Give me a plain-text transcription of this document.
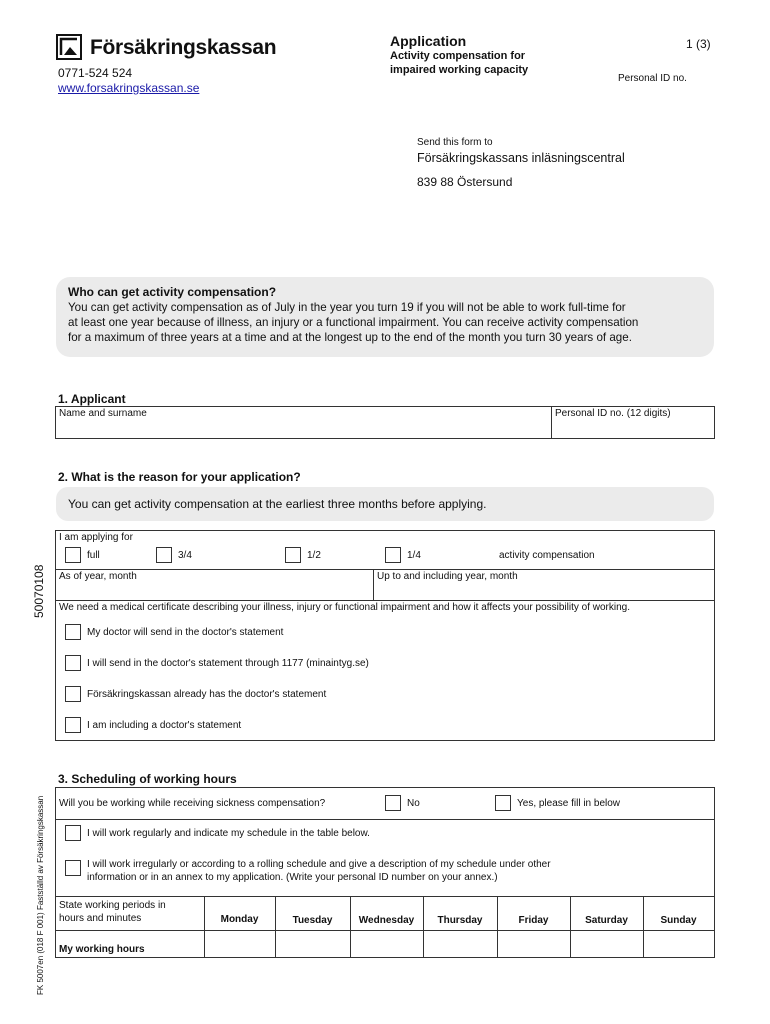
Försäkringskassan
0771-524 524
www.forsakringskassan.se
Application
Activity compensation for
impaired working capacity
1 (3)
Personal ID no.
Send this form to
Försäkringskassans inläsningscentral
839 88 Östersund
Who can get activity compensation?
You can get activity compensation as of July in the year you turn 19 if you will not be able to work full-time for
at least one year because of illness, an injury or a functional impairment. You can receive activity compensation
for a maximum of three years at a time and at the longest up to the end of the month you turn 30 years of age.
1. Applicant
Name and surname	Personal ID no. (12 digits)
2. What is the reason for your application?
You can get activity compensation at the earliest three months before applying.
I am applying for
full	3/4	1/2	1/4	activity compensation
As of year, month	Up to and including year, month
We need a medical certificate describing your illness, injury or functional impairment and how it affects your possibility of working.
My doctor will send in the doctor's statement
I will send in the doctor's statement through 1177 (minaintyg.se)
Försäkringskassan already has the doctor's statement
I am including a doctor's statement
3. Scheduling of working hours
Will you be working while receiving sickness compensation?	No	Yes, please fill in below
I will work regularly and indicate my schedule in the table below.
I will work irregularly or according to a rolling schedule and give a description of my schedule under other
information or in an annex to my application. (Write your personal ID number on your annex.)
State working periods in
hours and minutes	Monday	Tuesday	Wednesday	Thursday	Friday	Saturday	Sunday
My working hours
50070108
FK 5007en (018 F 001) Fastställd av Försäkringskassan
